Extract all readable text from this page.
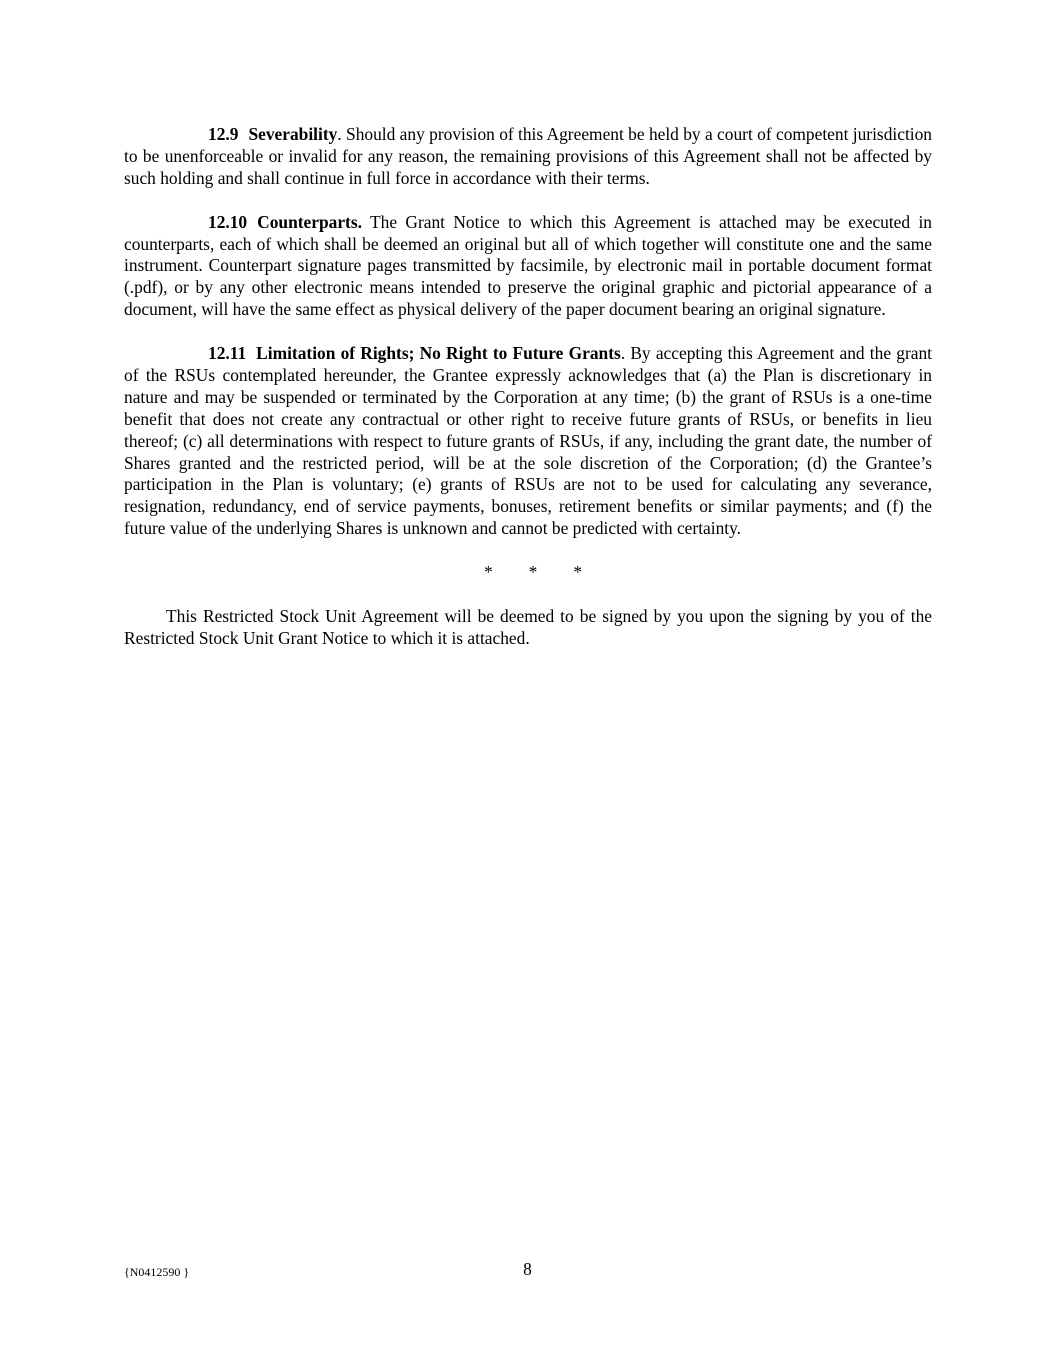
12.9 Severability. Should any provision of this Agreement be held by a court of competent jurisdiction to be unenforceable or invalid for any reason, the remaining provisions of this Agreement shall not be affected by such holding and shall continue in full force in accordance with their terms.

12.10 Counterparts. The Grant Notice to which this Agreement is attached may be executed in counterparts, each of which shall be deemed an original but all of which together will constitute one and the same instrument. Counterpart signature pages transmitted by facsimile, by electronic mail in portable document format (.pdf), or by any other electronic means intended to preserve the original graphic and pictorial appearance of a document, will have the same effect as physical delivery of the paper document bearing an original signature.

12.11 Limitation of Rights; No Right to Future Grants. By accepting this Agreement and the grant of the RSUs contemplated hereunder, the Grantee expressly acknowledges that (a) the Plan is discretionary in nature and may be suspended or terminated by the Corporation at any time; (b) the grant of RSUs is a one-time benefit that does not create any contractual or other right to receive future grants of RSUs, or benefits in lieu thereof; (c) all determinations with respect to future grants of RSUs, if any, including the grant date, the number of Shares granted and the restricted period, will be at the sole discretion of the Corporation; (d) the Grantee’s participation in the Plan is voluntary; (e) grants of RSUs are not to be used for calculating any severance, resignation, redundancy, end of service payments, bonuses, retirement benefits or similar payments; and (f) the future value of the underlying Shares is unknown and cannot be predicted with certainty.

* * *

This Restricted Stock Unit Agreement will be deemed to be signed by you upon the signing by you of the Restricted Stock Unit Grant Notice to which it is attached.

{N0412590 }	8
